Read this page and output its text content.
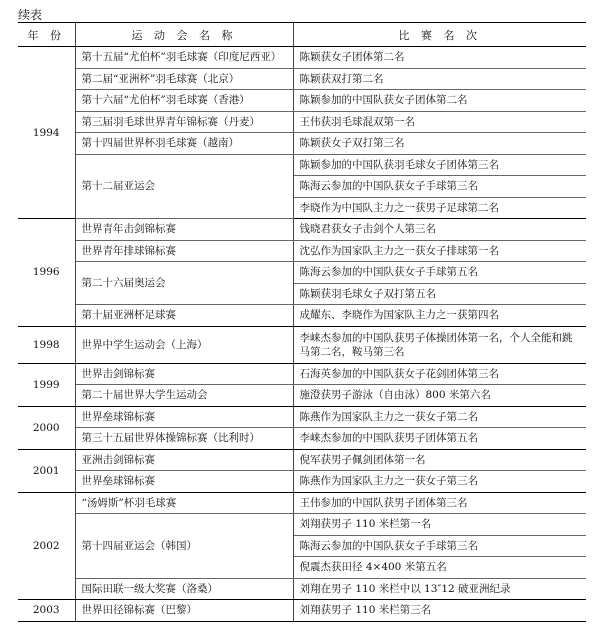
续表
年 份	运 动 会 名 称	比 赛 名 次
1994	第十五届“尤伯杯”羽毛球赛（印度尼西亚）	陈颖获女子团体第二名
	第二届“亚洲杯”羽毛球赛（北京）	陈颖获双打第二名
	第十六届“尤伯杯”羽毛球赛（香港）	陈颖参加的中国队获女子团体第二名
	第三届羽毛球世界青年锦标赛（丹麦）	王伟获羽毛球混双第一名
	第十四届世界杯羽毛球赛（越南）	陈颖获女子双打第三名
	第十二届亚运会	陈颖参加的中国队获羽毛球女子团体第三名
		陈海云参加的中国队获女子手球第三名
		李晓作为中国队主力之一获男子足球第二名
1996	世界青年击剑锦标赛	钱晓君获女子击剑个人第三名
	世界青年排球锦标赛	沈弘作为国家队主力之一获女子排球第一名
	第二十六届奥运会	陈海云参加的中国队获女子手球第五名
		陈颖获羽毛球女子双打第五名
	第十届亚洲杯足球赛	成耀东、李晓作为国家队主力之一获第四名
1998	世界中学生运动会（上海）	李崃杰参加的中国队获男子体操团体第一名，个人全能和跳马第二名，鞍马第三名
1999	世界击剑锦标赛	石海英参加的中国队获女子花剑团体第三名
	第二十届世界大学生运动会	施澄获男子游泳（自由泳）800 米第六名
2000	世界垒球锦标赛	陈燕作为国家队主力之一获女子第二名
	第三十五届世界体操锦标赛（比利时）	李崃杰参加的中国队获男子团体第五名
2001	亚洲击剑锦标赛	倪军获男子佩剑团体第一名
	世界垒球锦标赛	陈燕作为国家队主力之一获女子第三名
2002	“汤姆斯”杯羽毛球赛	王伟参加的中国队获男子团体第三名
	第十四届亚运会（韩国）	刘翔获男子 110 米栏第一名
		陈海云参加的中国队获女子手球第三名
		倪震杰获田径 4×400 米第五名
	国际田联一级大奖赛（洛桑）	刘翔在男子 110 米栏中以 13″12 破亚洲纪录
2003	世界田径锦标赛（巴黎）	刘翔获男子 110 米栏第三名
